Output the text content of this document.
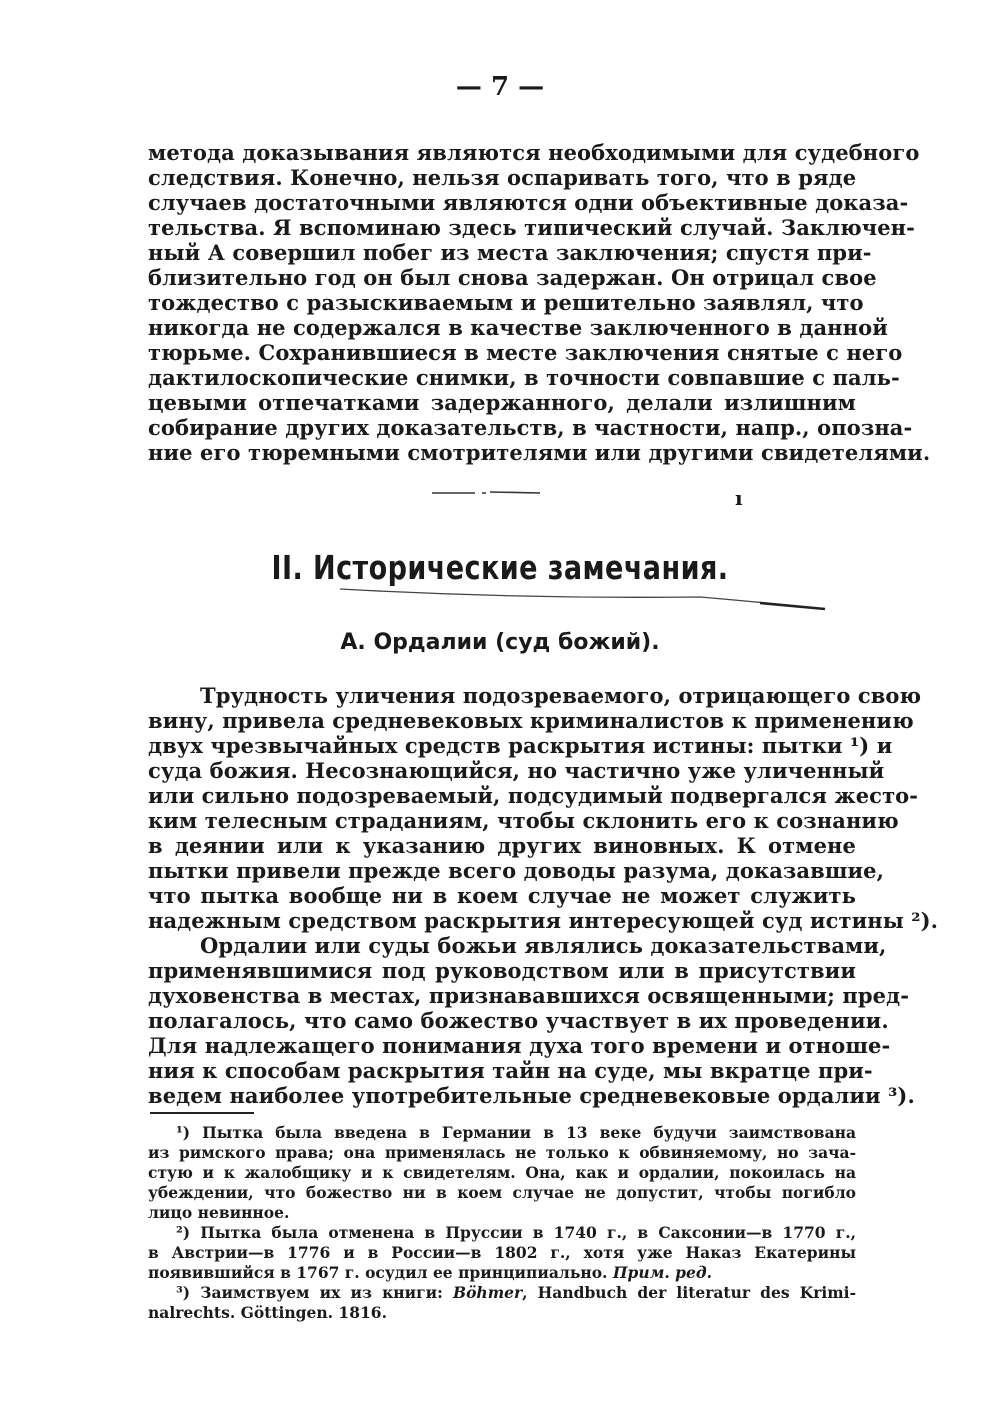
— 7 —
метода доказывания являются необходимыми для судебного
следствия. Конечно, нельзя оспаривать того, что в ряде
случаев достаточными являются одни объективные доказа-
тельства. Я вспоминаю здесь типический случай. Заключен-
ный А совершил побег из места заключения; спустя при-
близительно год он был снова задержан. Он отрицал свое
тождество с разыскиваемым и решительно заявлял, что
никогда не содержался в качестве заключенного в данной
тюрьме. Сохранившиеся в месте заключения снятые с него
дактилоскопические снимки, в точности совпавшие с паль-
цевыми отпечатками задержанного, делали излишним
собирание других доказательств, в частности, напр., опозна-
ние его тюремными смотрителями или другими свидетелями.
ı
II. Исторические замечания.
А. Ордалии (суд божий).
Трудность уличения подозреваемого, отрицающего свою
вину, привела средневековых криминалистов к применению
двух чрезвычайных средств раскрытия истины: пытки ¹) и
суда божия. Несознающийся, но частично уже уличенный
или сильно подозреваемый, подсудимый подвергался жесто-
ким телесным страданиям, чтобы склонить его к сознанию
в деянии или к указанию других виновных. К отмене
пытки привели прежде всего доводы разума, доказавшие,
что пытка вообще ни в коем случае не может служить
надежным средством раскрытия интересующей суд истины ²).
Ордалии или суды божьи являлись доказательствами,
применявшимися под руководством или в присутствии
духовенства в местах, признававшихся освященными; пред-
полагалось, что само божество участвует в их проведении.
Для надлежащего понимания духа того времени и отноше-
ния к способам раскрытия тайн на суде, мы вкратце при-
ведем наиболее употребительные средневековые ордалии ³).
¹) Пытка была введена в Германии в 13 веке будучи заимствована
из римского права; она применялась не только к обвиняемому, но зача-
стую и к жалобщику и к свидетелям. Она, как и ордалии, покоилась на
убеждении, что божество ни в коем случае не допустит, чтобы погибло
лицо невинное.
²) Пытка была отменена в Пруссии в 1740 г., в Саксонии—в 1770 г.,
в Австрии—в 1776 и в России—в 1802 г., хотя уже Наказ Екатерины
появившийся в 1767 г. осудил ее принципиально. Прим. ред.
³) Заимствуем их из книги: Böhmer, Handbuch der literatur des Krimi-
nalrechts. Göttingen. 1816.
